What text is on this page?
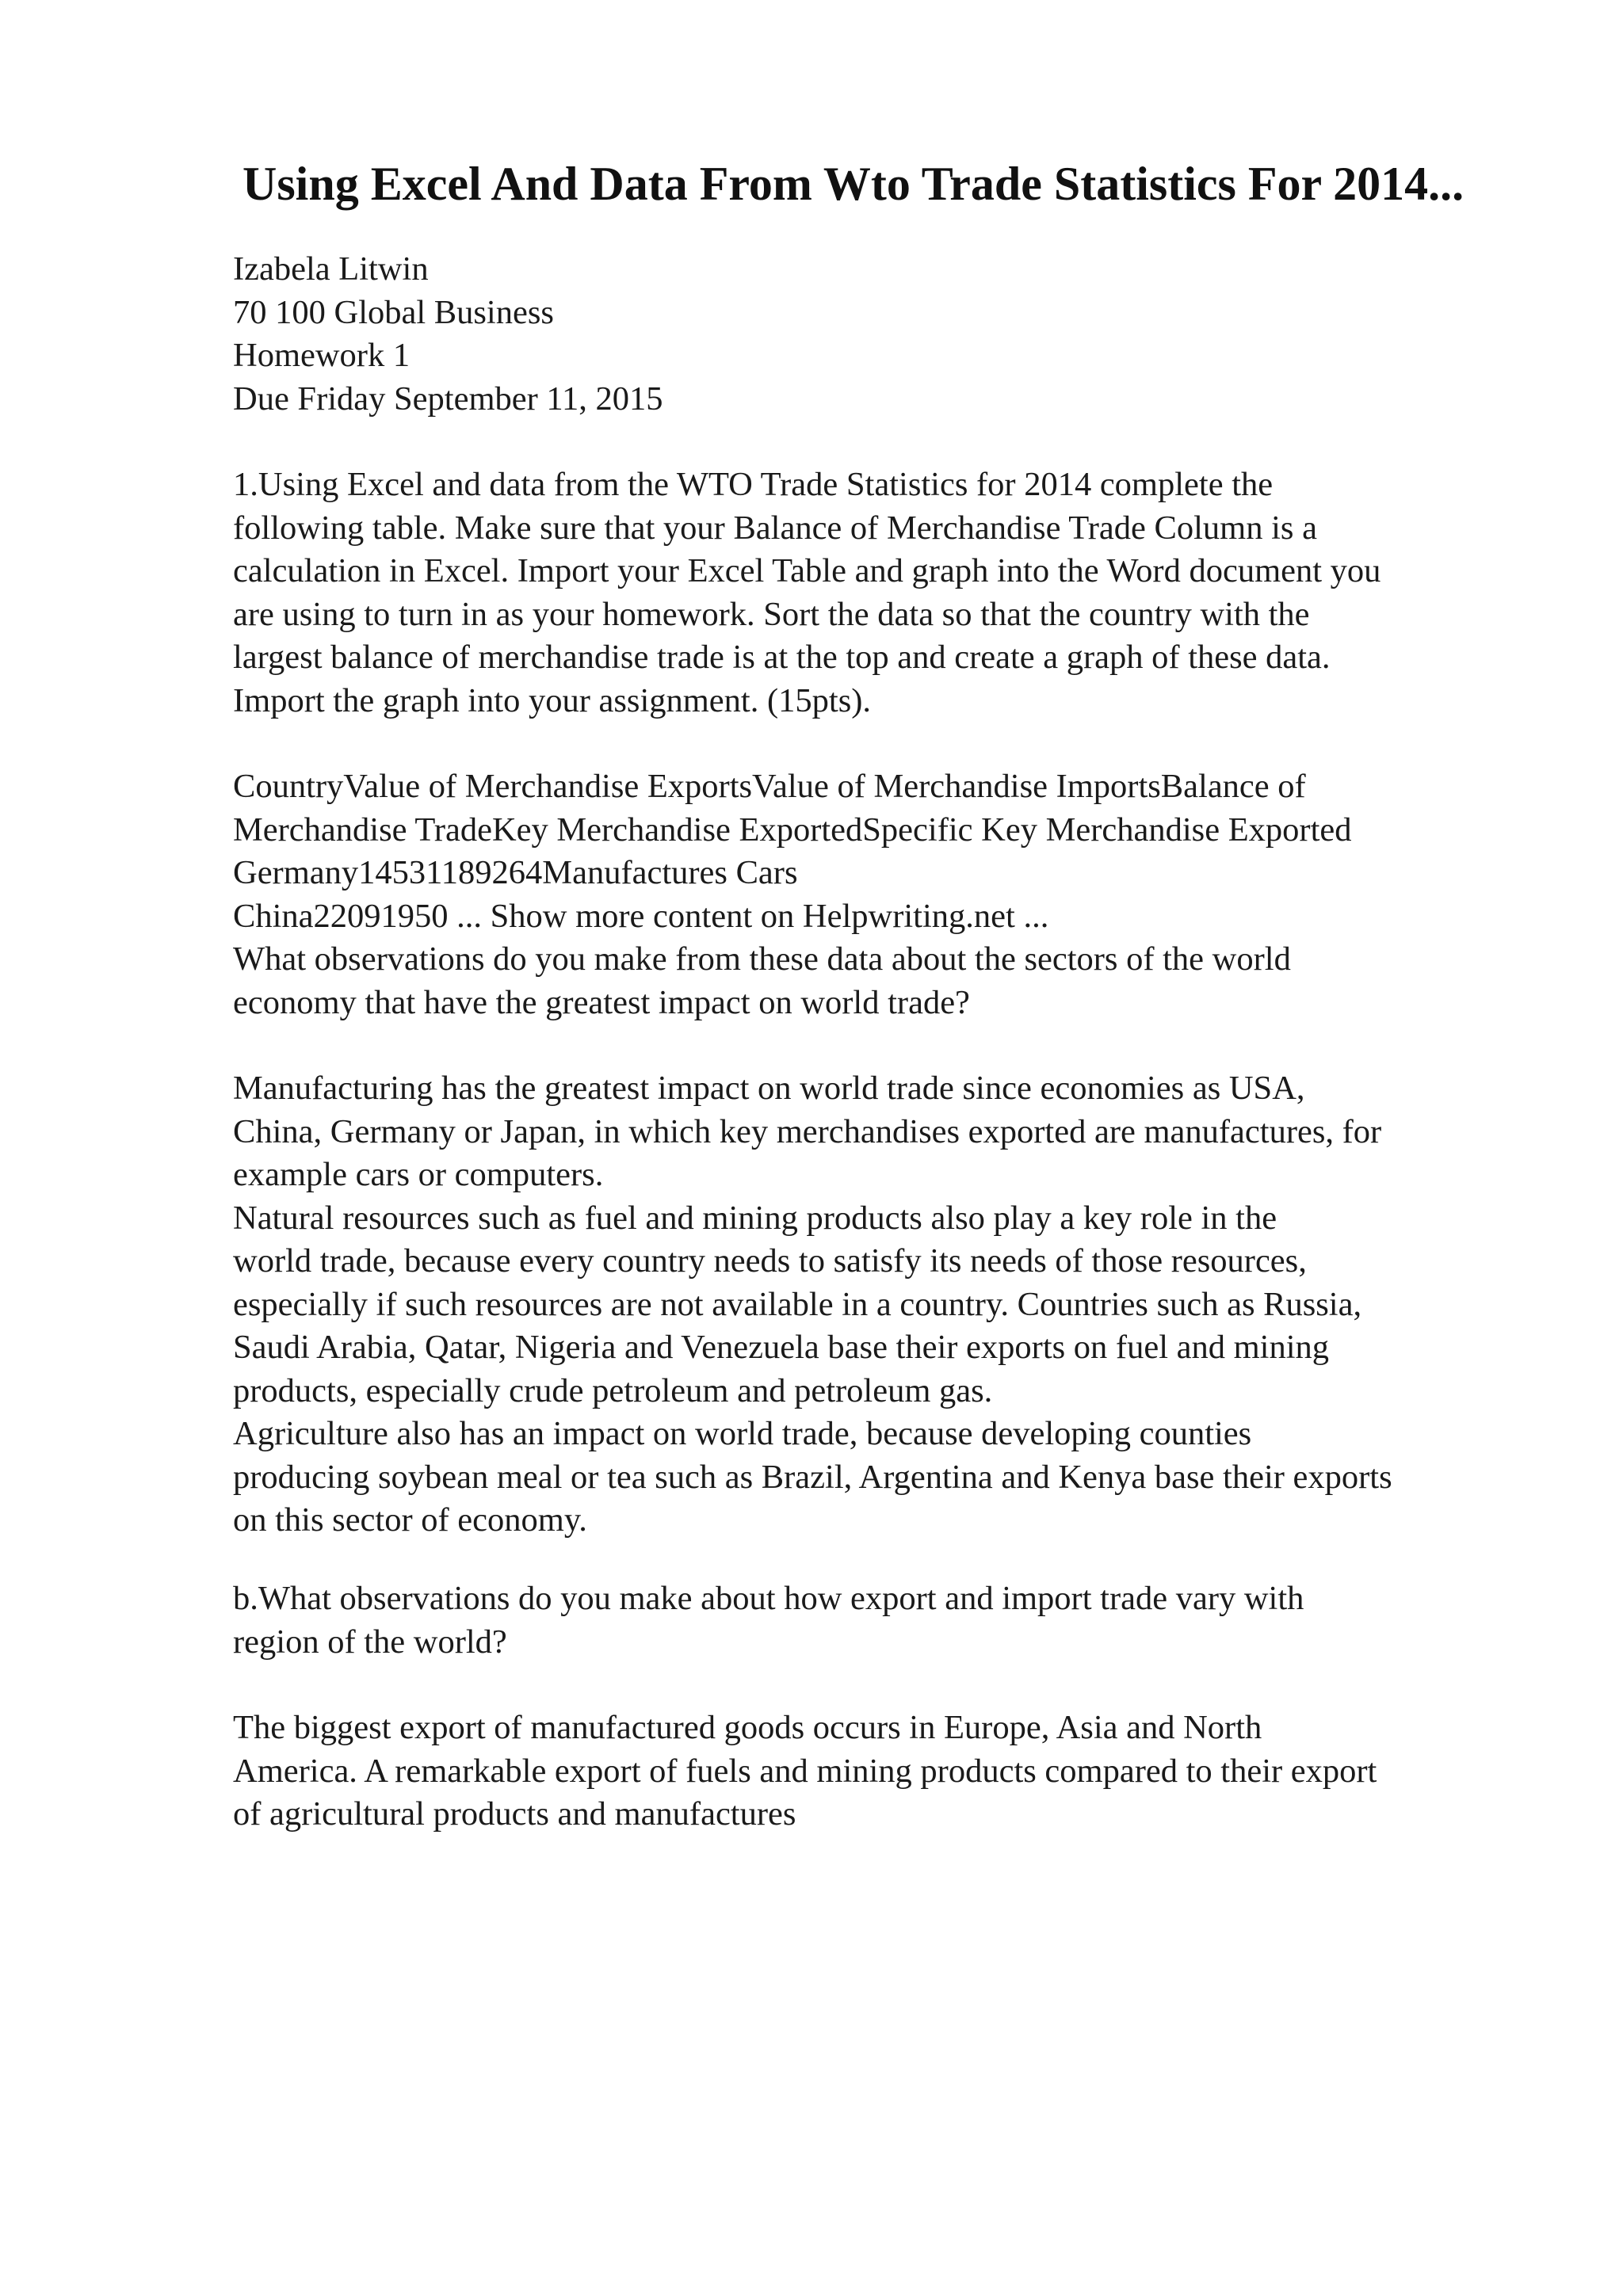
Using Excel And Data From Wto Trade Statistics For 2014...
Izabela Litwin
70 100 Global Business
Homework 1
Due Friday September 11, 2015
1.Using Excel and data from the WTO Trade Statistics for 2014 complete the
following table. Make sure that your Balance of Merchandise Trade Column is a
calculation in Excel. Import your Excel Table and graph into the Word document you
are using to turn in as your homework. Sort the data so that the country with the
largest balance of merchandise trade is at the top and create a graph of these data.
Import the graph into your assignment. (15pts).
CountryValue of Merchandise ExportsValue of Merchandise ImportsBalance of
Merchandise TradeKey Merchandise ExportedSpecific Key Merchandise Exported
Germany14531189264Manufactures Cars
China22091950 ... Show more content on Helpwriting.net ...
What observations do you make from these data about the sectors of the world
economy that have the greatest impact on world trade?
Manufacturing has the greatest impact on world trade since economies as USA,
China, Germany or Japan, in which key merchandises exported are manufactures, for
example cars or computers.
Natural resources such as fuel and mining products also play a key role in the
world trade, because every country needs to satisfy its needs of those resources,
especially if such resources are not available in a country. Countries such as Russia,
Saudi Arabia, Qatar, Nigeria and Venezuela base their exports on fuel and mining
products, especially crude petroleum and petroleum gas.
Agriculture also has an impact on world trade, because developing counties
producing soybean meal or tea such as Brazil, Argentina and Kenya base their exports
on this sector of economy.
b.What observations do you make about how export and import trade vary with
region of the world?
The biggest export of manufactured goods occurs in Europe, Asia and North
America. A remarkable export of fuels and mining products compared to their export
of agricultural products and manufactures
